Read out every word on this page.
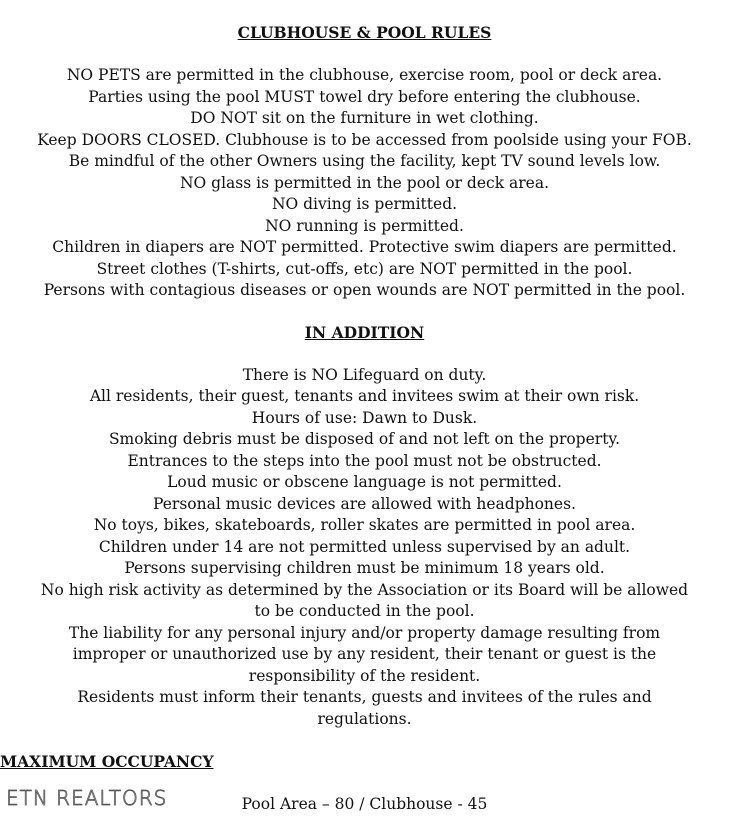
CLUBHOUSE & POOL RULES
NO PETS are permitted in the clubhouse, exercise room, pool or deck area.
Parties using the pool MUST towel dry before entering the clubhouse.
DO NOT sit on the furniture in wet clothing.
Keep DOORS CLOSED. Clubhouse is to be accessed from poolside using your FOB.
Be mindful of the other Owners using the facility, kept TV sound levels low.
NO glass is permitted in the pool or deck area.
NO diving is permitted.
NO running is permitted.
Children in diapers are NOT permitted. Protective swim diapers are permitted.
Street clothes (T-shirts, cut-offs, etc) are NOT permitted in the pool.
Persons with contagious diseases or open wounds are NOT permitted in the pool.
IN ADDITION
There is NO Lifeguard on duty.
All residents, their guest, tenants and invitees swim at their own risk.
Hours of use: Dawn to Dusk.
Smoking debris must be disposed of and not left on the property.
Entrances to the steps into the pool must not be obstructed.
Loud music or obscene language is not permitted.
Personal music devices are allowed with headphones.
No toys, bikes, skateboards, roller skates are permitted in pool area.
Children under 14 are not permitted unless supervised by an adult.
Persons supervising children must be minimum 18 years old.
No high risk activity as determined by the Association or its Board will be allowed to be conducted in the pool.
The liability for any personal injury and/or property damage resulting from improper or unauthorized use by any resident, their tenant or guest is the responsibility of the resident.
Residents must inform their tenants, guests and invitees of the rules and regulations.
MAXIMUM OCCUPANCY
Pool Area – 80 / Clubhouse - 45
ETN REALTORS
